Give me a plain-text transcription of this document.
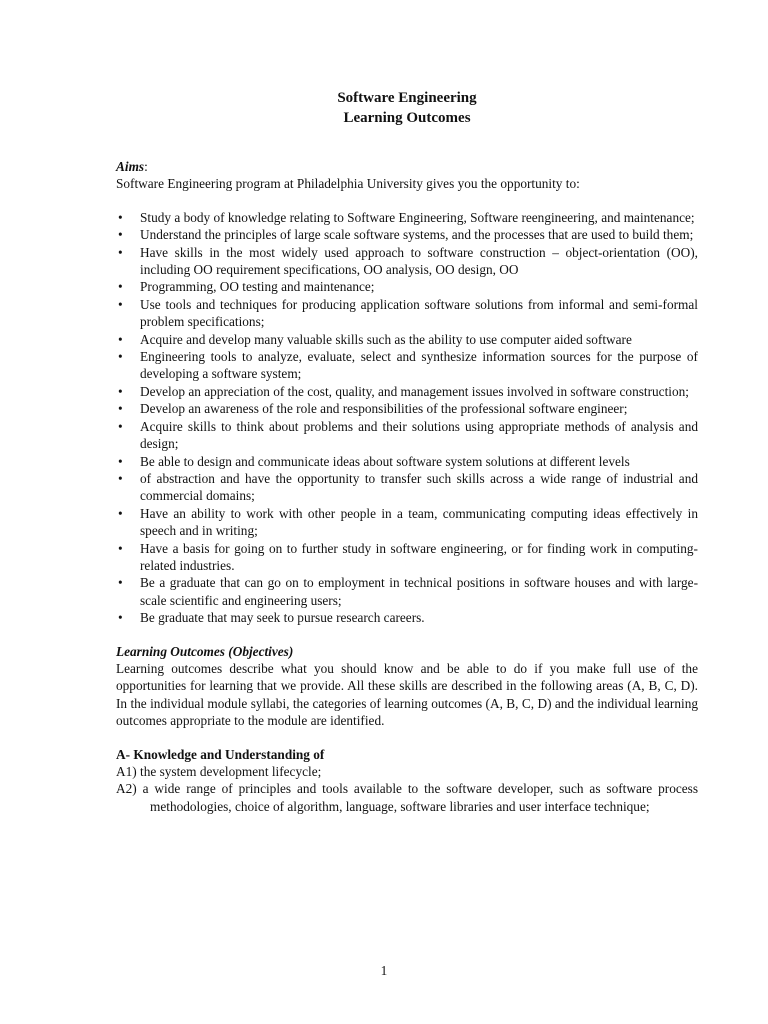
Software Engineering

Learning Outcomes

Aims:

Software Engineering program at Philadelphia University gives you the opportunity to:

• Study a body of knowledge relating to Software Engineering, Software reengineering, and maintenance;
• Understand the principles of large scale software systems, and the processes that are used to build them;
• Have skills in the most widely used approach to software construction – object-orientation (OO), including OO requirement specifications, OO analysis, OO design, OO
• Programming, OO testing and maintenance;
• Use tools and techniques for producing application software solutions from informal and semi-formal problem specifications;
• Acquire and develop many valuable skills such as the ability to use computer aided software
• Engineering tools to analyze, evaluate, select and synthesize information sources for the purpose of developing a software system;
• Develop an appreciation of the cost, quality, and management issues involved in software construction;
• Develop an awareness of the role and responsibilities of the professional software engineer;
• Acquire skills to think about problems and their solutions using appropriate methods of analysis and design;
• Be able to design and communicate ideas about software system solutions at different levels
• of abstraction and have the opportunity to transfer such skills across a wide range of industrial and commercial domains;
• Have an ability to work with other people in a team, communicating computing ideas effectively in speech and in writing;
• Have a basis for going on to further study in software engineering, or for finding work in computing-related industries.
• Be a graduate that can go on to employment in technical positions in software houses and with large-scale scientific and engineering users;
• Be graduate that may seek to pursue research careers.

Learning Outcomes (Objectives)

Learning outcomes describe what you should know and be able to do if you make full use of the opportunities for learning that we provide. All these skills are described in the following areas (A, B, C, D). In the individual module syllabi, the categories of learning outcomes (A, B, C, D) and the individual learning outcomes appropriate to the module are identified.

A- Knowledge and Understanding of

A1) the system development lifecycle;

A2) a wide range of principles and tools available to the software developer, such as software process methodologies, choice of algorithm, language, software libraries and user interface technique;

1
